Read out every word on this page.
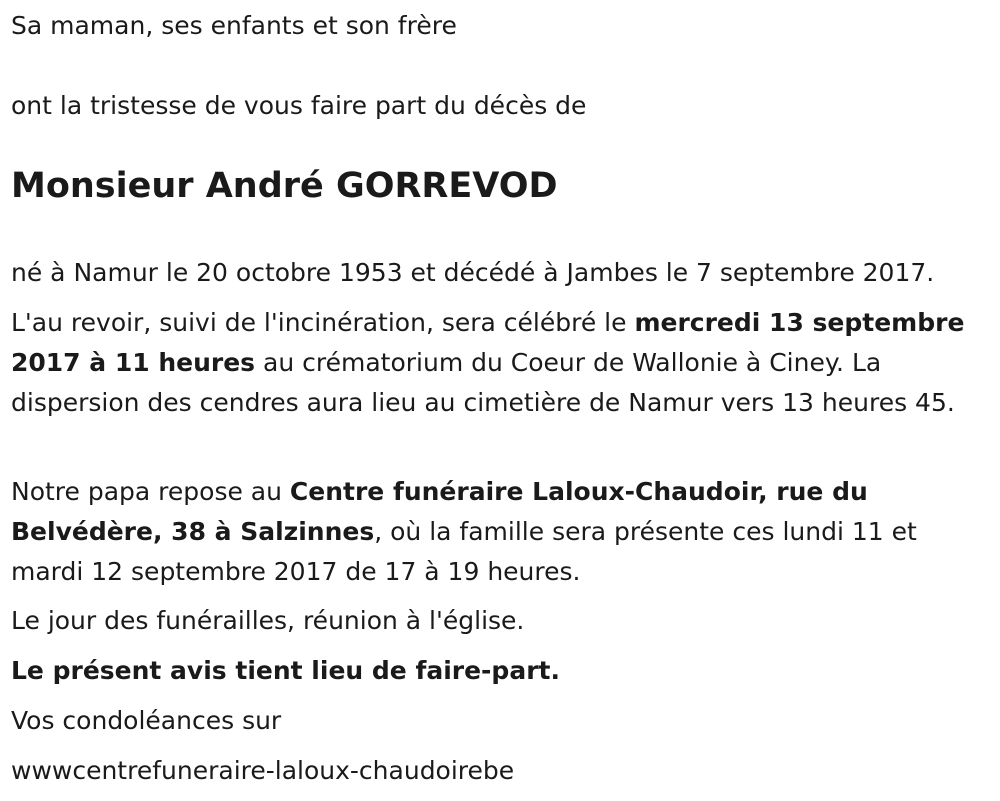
Sa maman, ses enfants et son frère

ont la tristesse de vous faire part du décès de

Monsieur André GORREVOD

né à Namur le 20 octobre 1953 et décédé à Jambes le 7 septembre 2017.

L'au revoir, suivi de l'incinération, sera célébré le mercredi 13 septembre 2017 à 11 heures au crématorium du Coeur de Wallonie à Ciney. La dispersion des cendres aura lieu au cimetière de Namur vers 13 heures 45.

Notre papa repose au Centre funéraire Laloux-Chaudoir, rue du Belvédère, 38 à Salzinnes, où la famille sera présente ces lundi 11 et mardi 12 septembre 2017 de 17 à 19 heures.

Le jour des funérailles, réunion à l'église.

Le présent avis tient lieu de faire-part.

Vos condoléances sur

wwwcentrefuneraire-laloux-chaudoirebe
